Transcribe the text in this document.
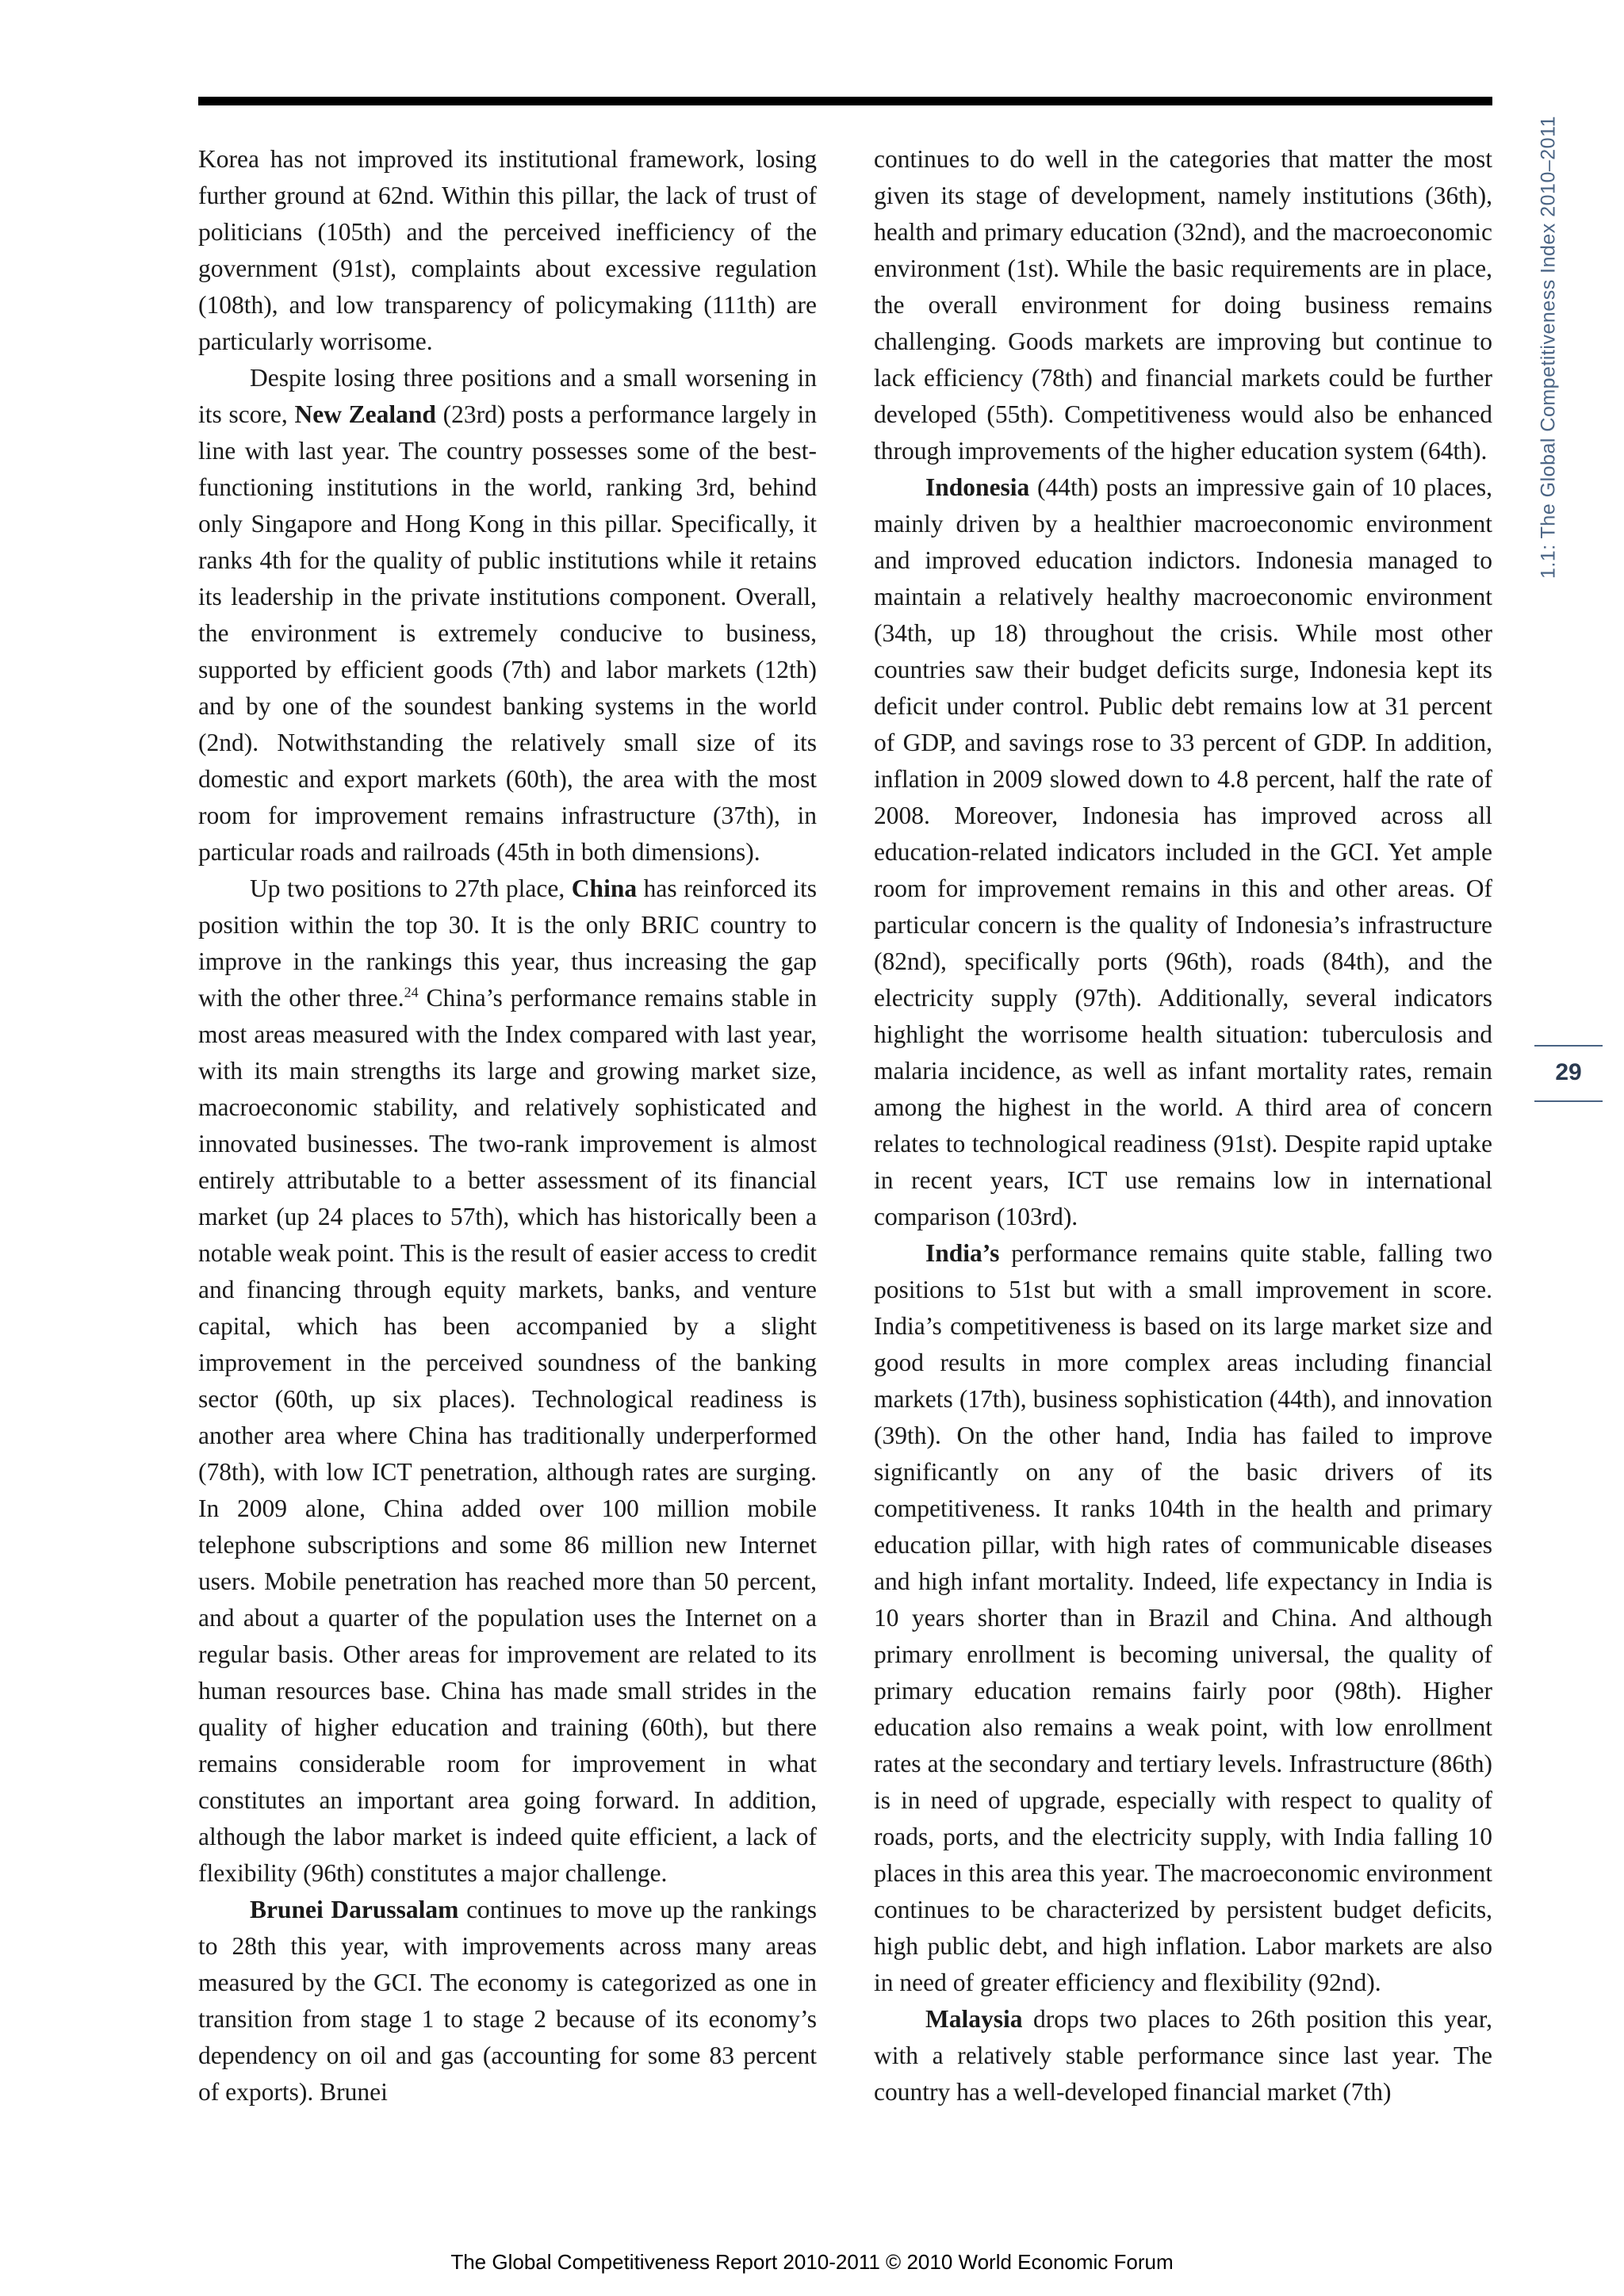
Korea has not improved its institutional framework, losing further ground at 62nd. Within this pillar, the lack of trust of politicians (105th) and the perceived inefficiency of the government (91st), complaints about excessive regulation (108th), and low transparency of policymaking (111th) are particularly worrisome.

Despite losing three positions and a small worsening in its score, New Zealand (23rd) posts a performance largely in line with last year. The country possesses some of the best-functioning institutions in the world, ranking 3rd, behind only Singapore and Hong Kong in this pillar. Specifically, it ranks 4th for the quality of public institutions while it retains its leadership in the private institutions component. Overall, the environment is extremely conducive to business, supported by efficient goods (7th) and labor markets (12th) and by one of the soundest banking systems in the world (2nd). Notwithstanding the relatively small size of its domestic and export markets (60th), the area with the most room for improvement remains infrastructure (37th), in particular roads and railroads (45th in both dimensions).

Up two positions to 27th place, China has reinforced its position within the top 30. It is the only BRIC country to improve in the rankings this year, thus increasing the gap with the other three.$^{24}$ China’s performance remains stable in most areas measured with the Index compared with last year, with its main strengths its large and growing market size, macroeconomic stability, and relatively sophisticated and innovated businesses. The two-rank improvement is almost entirely attributable to a better assessment of its financial market (up 24 places to 57th), which has historically been a notable weak point. This is the result of easier access to credit and financing through equity markets, banks, and venture capital, which has been accompanied by a slight improvement in the perceived soundness of the banking sector (60th, up six places). Technological readiness is another area where China has traditionally underperformed (78th), with low ICT penetration, although rates are surging. In 2009 alone, China added over 100 million mobile telephone subscriptions and some 86 million new Internet users. Mobile penetration has reached more than 50 percent, and about a quarter of the population uses the Internet on a regular basis. Other areas for improvement are related to its human resources base. China has made small strides in the quality of higher education and training (60th), but there remains considerable room for improvement in what constitutes an important area going forward. In addition, although the labor market is indeed quite efficient, a lack of flexibility (96th) constitutes a major challenge.

Brunei Darussalam continues to move up the rankings to 28th this year, with improvements across many areas measured by the GCI. The economy is categorized as one in transition from stage 1 to stage 2 because of its economy’s dependency on oil and gas (accounting for some 83 percent of exports). Brunei

continues to do well in the categories that matter the most given its stage of development, namely institutions (36th), health and primary education (32nd), and the macroeconomic environment (1st). While the basic requirements are in place, the overall environment for doing business remains challenging. Goods markets are improving but continue to lack efficiency (78th) and financial markets could be further developed (55th). Competitiveness would also be enhanced through improvements of the higher education system (64th).

Indonesia (44th) posts an impressive gain of 10 places, mainly driven by a healthier macroeconomic environment and improved education indictors. Indonesia managed to maintain a relatively healthy macroeconomic environment (34th, up 18) throughout the crisis. While most other countries saw their budget deficits surge, Indonesia kept its deficit under control. Public debt remains low at 31 percent of GDP, and savings rose to 33 percent of GDP. In addition, inflation in 2009 slowed down to 4.8 percent, half the rate of 2008. Moreover, Indonesia has improved across all education-related indicators included in the GCI. Yet ample room for improvement remains in this and other areas. Of particular concern is the quality of Indonesia’s infrastructure (82nd), specifically ports (96th), roads (84th), and the electricity supply (97th). Additionally, several indicators highlight the worrisome health situation: tuberculosis and malaria incidence, as well as infant mortality rates, remain among the highest in the world. A third area of concern relates to technological readiness (91st). Despite rapid uptake in recent years, ICT use remains low in international comparison (103rd).

India’s performance remains quite stable, falling two positions to 51st but with a small improvement in score. India’s competitiveness is based on its large market size and good results in more complex areas including financial markets (17th), business sophistication (44th), and innovation (39th). On the other hand, India has failed to improve significantly on any of the basic drivers of its competitiveness. It ranks 104th in the health and primary education pillar, with high rates of communicable diseases and high infant mortality. Indeed, life expectancy in India is 10 years shorter than in Brazil and China. And although primary enrollment is becoming universal, the quality of primary education remains fairly poor (98th). Higher education also remains a weak point, with low enrollment rates at the secondary and tertiary levels. Infrastructure (86th) is in need of upgrade, especially with respect to quality of roads, ports, and the electricity supply, with India falling 10 places in this area this year. The macroeconomic environment continues to be characterized by persistent budget deficits, high public debt, and high inflation. Labor markets are also in need of greater efficiency and flexibility (92nd).

Malaysia drops two places to 26th position this year, with a relatively stable performance since last year. The country has a well-developed financial market (7th)

1.1: The Global Competitiveness Index 2010–2011
29
The Global Competitiveness Report 2010-2011 © 2010 World Economic Forum
